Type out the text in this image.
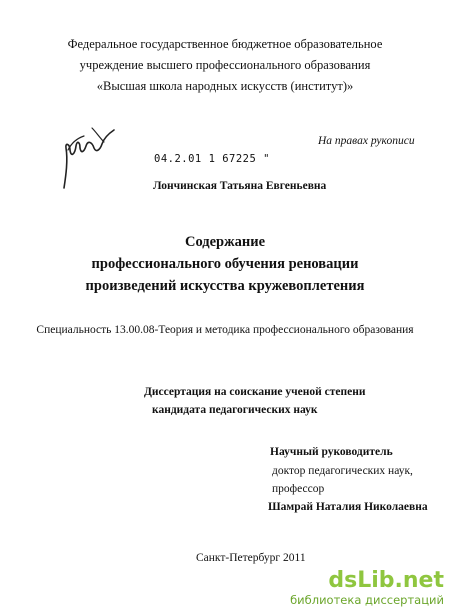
Федеральное государственное бюджетное образовательное
учреждение высшего профессионального образования
«Высшая школа народных искусств (институт)»
На правах рукописи
04.2.01 1 67225 "
Лончинская Татьяна Евгеньевна
Содержание
профессионального обучения реновации
произведений искусства кружевоплетения
Специальность 13.00.08-Теория и методика профессионального образования
Диссертация на соискание ученой степени
кандидата педагогических наук
Научный руководитель
доктор педагогических наук,
профессор
Шамрай Наталия Николаевна
Санкт-Петербург 2011
dsLib.net
библиотека диссертаций
